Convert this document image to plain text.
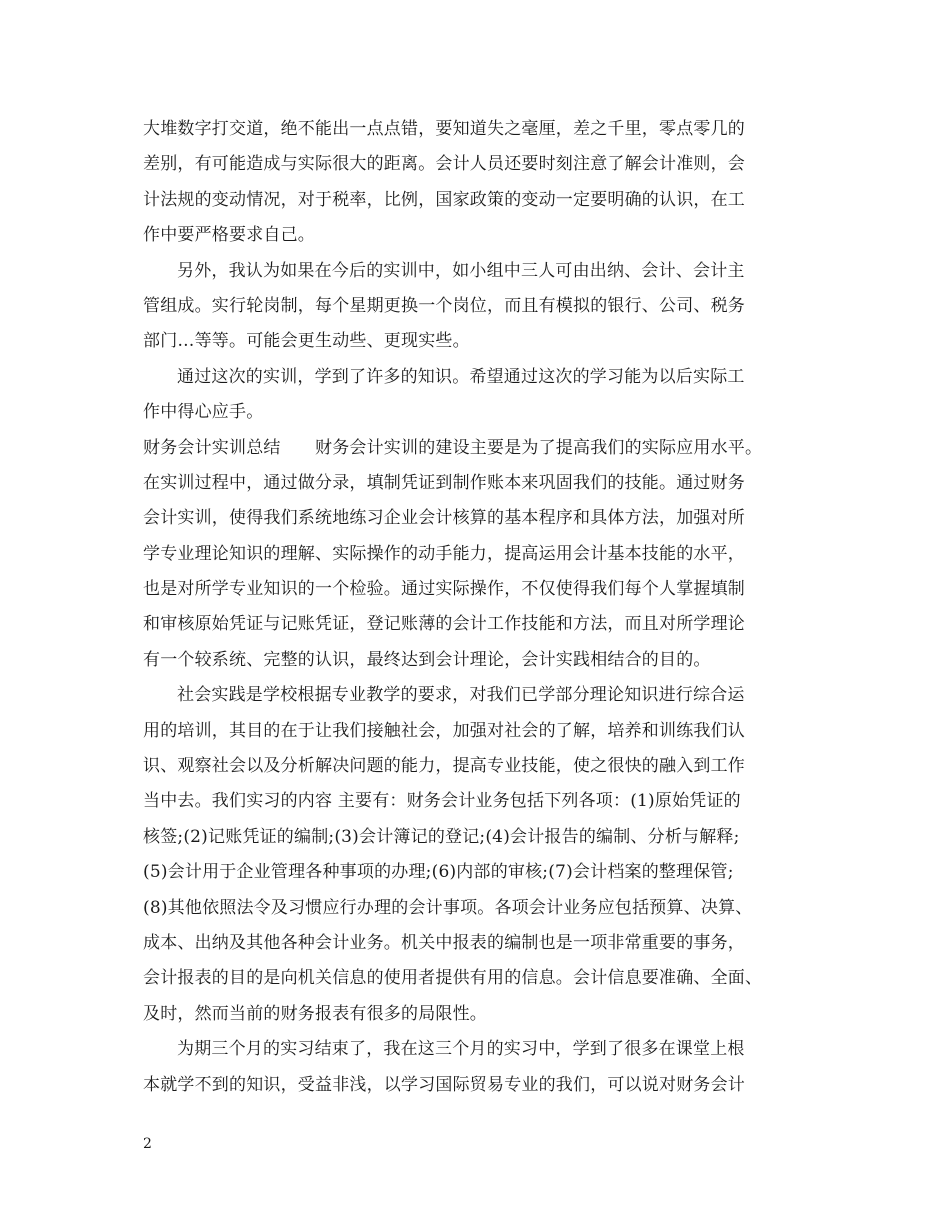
大堆数字打交道，绝不能出一点点错，要知道失之毫厘，差之千里，零点零几的
差别，有可能造成与实际很大的距离。会计人员还要时刻注意了解会计准则，会
计法规的变动情况，对于税率，比例，国家政策的变动一定要明确的认识，在工
作中要严格要求自己。
另外，我认为如果在今后的实训中，如小组中三人可由出纳、会计、会计主
管组成。实行轮岗制，每个星期更换一个岗位，而且有模拟的银行、公司、税务
部门…等等。可能会更生动些、更现实些。
通过这次的实训，学到了许多的知识。希望通过这次的学习能为以后实际工
作中得心应手。
财务会计实训总结　　财务会计实训的建设主要是为了提高我们的实际应用水平。
在实训过程中，通过做分录，填制凭证到制作账本来巩固我们的技能。通过财务
会计实训，使得我们系统地练习企业会计核算的基本程序和具体方法，加强对所
学专业理论知识的理解、实际操作的动手能力，提高运用会计基本技能的水平，
也是对所学专业知识的一个检验。通过实际操作，不仅使得我们每个人掌握填制
和审核原始凭证与记账凭证，登记账薄的会计工作技能和方法，而且对所学理论
有一个较系统、完整的认识，最终达到会计理论，会计实践相结合的目的。
社会实践是学校根据专业教学的要求，对我们已学部分理论知识进行综合运
用的培训，其目的在于让我们接触社会，加强对社会的了解，培养和训练我们认
识、观察社会以及分析解决问题的能力，提高专业技能，使之很快的融入到工作
当中去。我们实习的内容 主要有：财务会计业务包括下列各项：(1)原始凭证的
核签;(2)记账凭证的编制;(3)会计簿记的登记;(4)会计报告的编制、分析与解释;
(5)会计用于企业管理各种事项的办理;(6)内部的审核;(7)会计档案的整理保管;
(8)其他依照法令及习惯应行办理的会计事项。各项会计业务应包括预算、决算、
成本、出纳及其他各种会计业务。机关中报表的编制也是一项非常重要的事务，
会计报表的目的是向机关信息的使用者提供有用的信息。会计信息要准确、全面、
及时，然而当前的财务报表有很多的局限性。
为期三个月的实习结束了，我在这三个月的实习中，学到了很多在课堂上根
本就学不到的知识，受益非浅，以学习国际贸易专业的我们，可以说对财务会计
2
